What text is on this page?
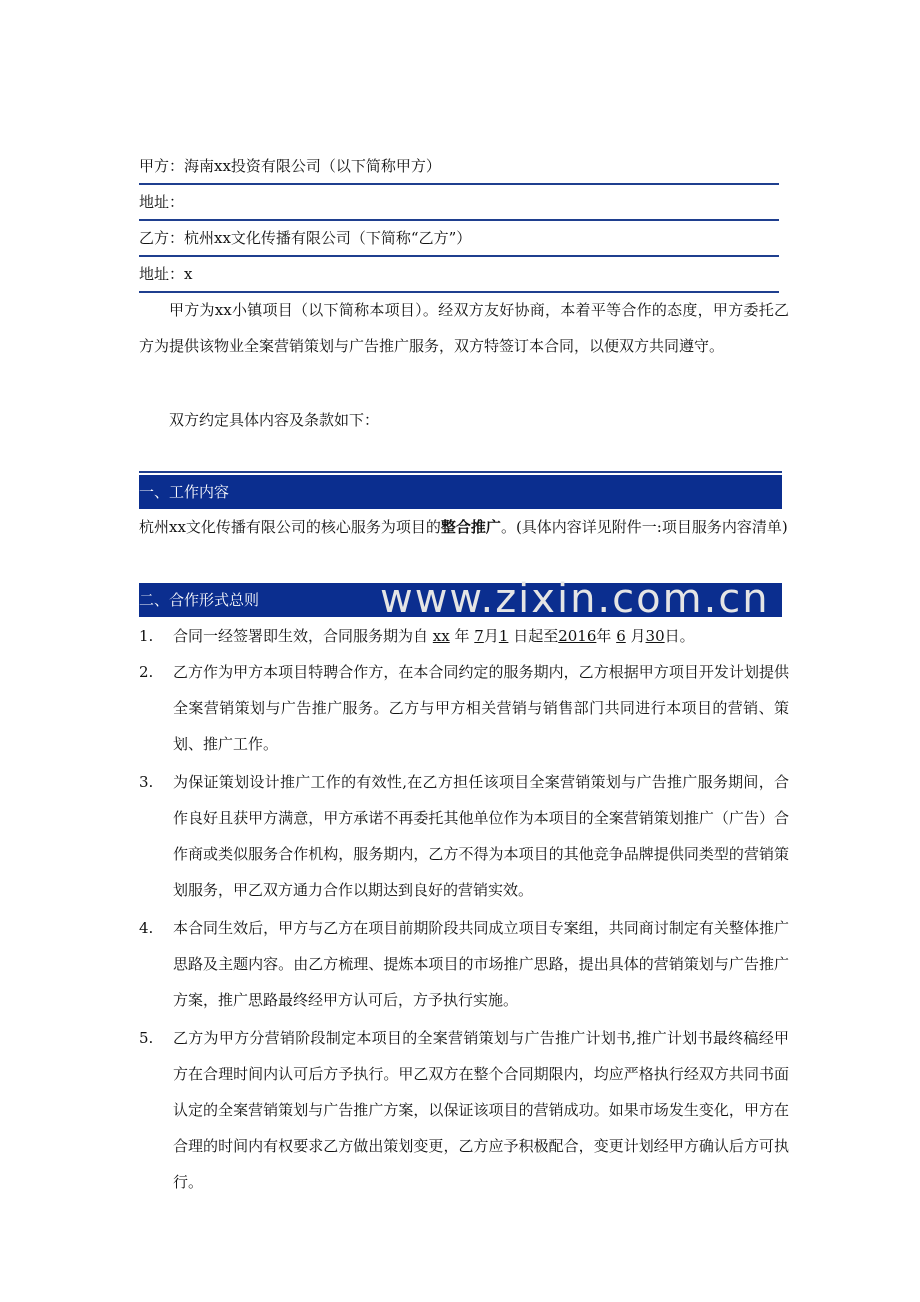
甲方：海南xx投资有限公司（以下简称甲方）
地址：
乙方：杭州xx文化传播有限公司（下简称“乙方”）
地址：x
甲方为xx小镇项目（以下简称本项目）。经双方友好协商，本着平等合作的态度，甲方委托乙方为提供该物业全案营销策划与广告推广服务，双方特签订本合同，以便双方共同遵守。
双方约定具体内容及条款如下：
一、工作内容
杭州xx文化传播有限公司的核心服务为项目的整合推广。(具体内容详见附件一:项目服务内容清单)
二、合作形式总则
1.	合同一经签署即生效，合同服务期为自 xx 年 7月1 日起至2016年 6 月30日。
2.	乙方作为甲方本项目特聘合作方，在本合同约定的服务期内，乙方根据甲方项目开发计划提供全案营销策划与广告推广服务。乙方与甲方相关营销与销售部门共同进行本项目的营销、策划、推广工作。
3.	为保证策划设计推广工作的有效性,在乙方担任该项目全案营销策划与广告推广服务期间，合作良好且获甲方满意，甲方承诺不再委托其他单位作为本项目的全案营销策划推广（广告）合作商或类似服务合作机构，服务期内，乙方不得为本项目的其他竞争品牌提供同类型的营销策划服务，甲乙双方通力合作以期达到良好的营销实效。
4.	本合同生效后，甲方与乙方在项目前期阶段共同成立项目专案组，共同商讨制定有关整体推广思路及主题内容。由乙方梳理、提炼本项目的市场推广思路，提出具体的营销策划与广告推广方案，推广思路最终经甲方认可后，方予执行实施。
5.	乙方为甲方分营销阶段制定本项目的全案营销策划与广告推广计划书,推广计划书最终稿经甲方在合理时间内认可后方予执行。甲乙双方在整个合同期限内，均应严格执行经双方共同书面认定的全案营销策划与广告推广方案，以保证该项目的营销成功。如果市场发生变化，甲方在合理的时间内有权要求乙方做出策划变更，乙方应予积极配合，变更计划经甲方确认后方可执行。
www.zixin.com.cn
